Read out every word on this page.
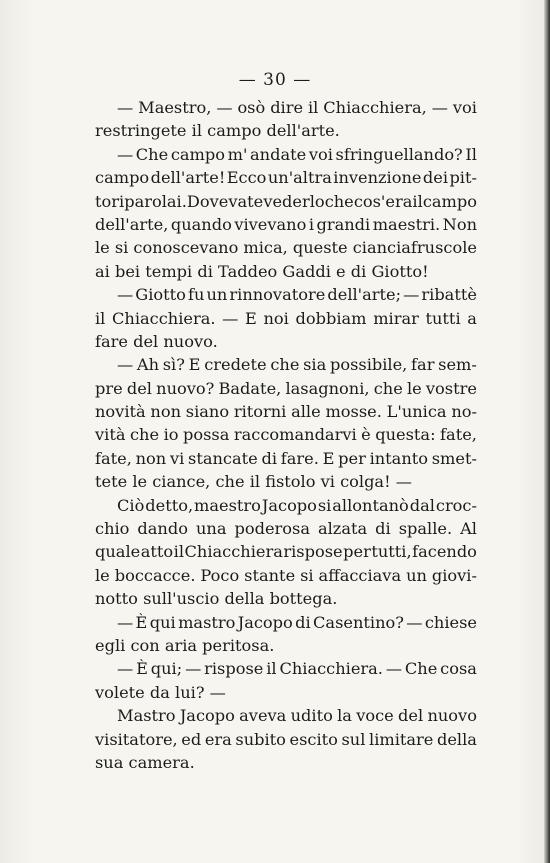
— 30 —
— Maestro, — osò dire il Chiacchiera, — voi
restringete il campo dell'arte.
— Che campo m' andate voi sfringuellando? Il
campo dell'arte! Ecco un'altra invenzione dei pit-
tori parolai. Dovevate vederlo che cos'era il campo
dell'arte, quando vivevano i grandi maestri. Non
le si conoscevano mica, queste cianciafruscole
ai bei tempi di Taddeo Gaddi e di Giotto!
— Giotto fu un rinnovatore dell'arte; — ribattè
il Chiacchiera. — E noi dobbiam mirar tutti a
fare del nuovo.
— Ah sì? E credete che sia possibile, far sem-
pre del nuovo? Badate, lasagnoni, che le vostre
novità non siano ritorni alle mosse. L'unica no-
vità che io possa raccomandarvi è questa: fate,
fate, non vi stancate di fare. E per intanto smet-
tete le ciance, che il fistolo vi colga! —
Ciò detto, maestro Jacopo si allontanò dal croc-
chio dando una poderosa alzata di spalle. Al
quale atto il Chiacchiera rispose per tutti, facendo
le boccacce. Poco stante si affacciava un giovi-
notto sull'uscio della bottega.
— È qui mastro Jacopo di Casentino? — chiese
egli con aria peritosa.
— È qui; — rispose il Chiacchiera. — Che cosa
volete da lui? —
Mastro Jacopo aveva udito la voce del nuovo
visitatore, ed era subito escito sul limitare della
sua camera.
